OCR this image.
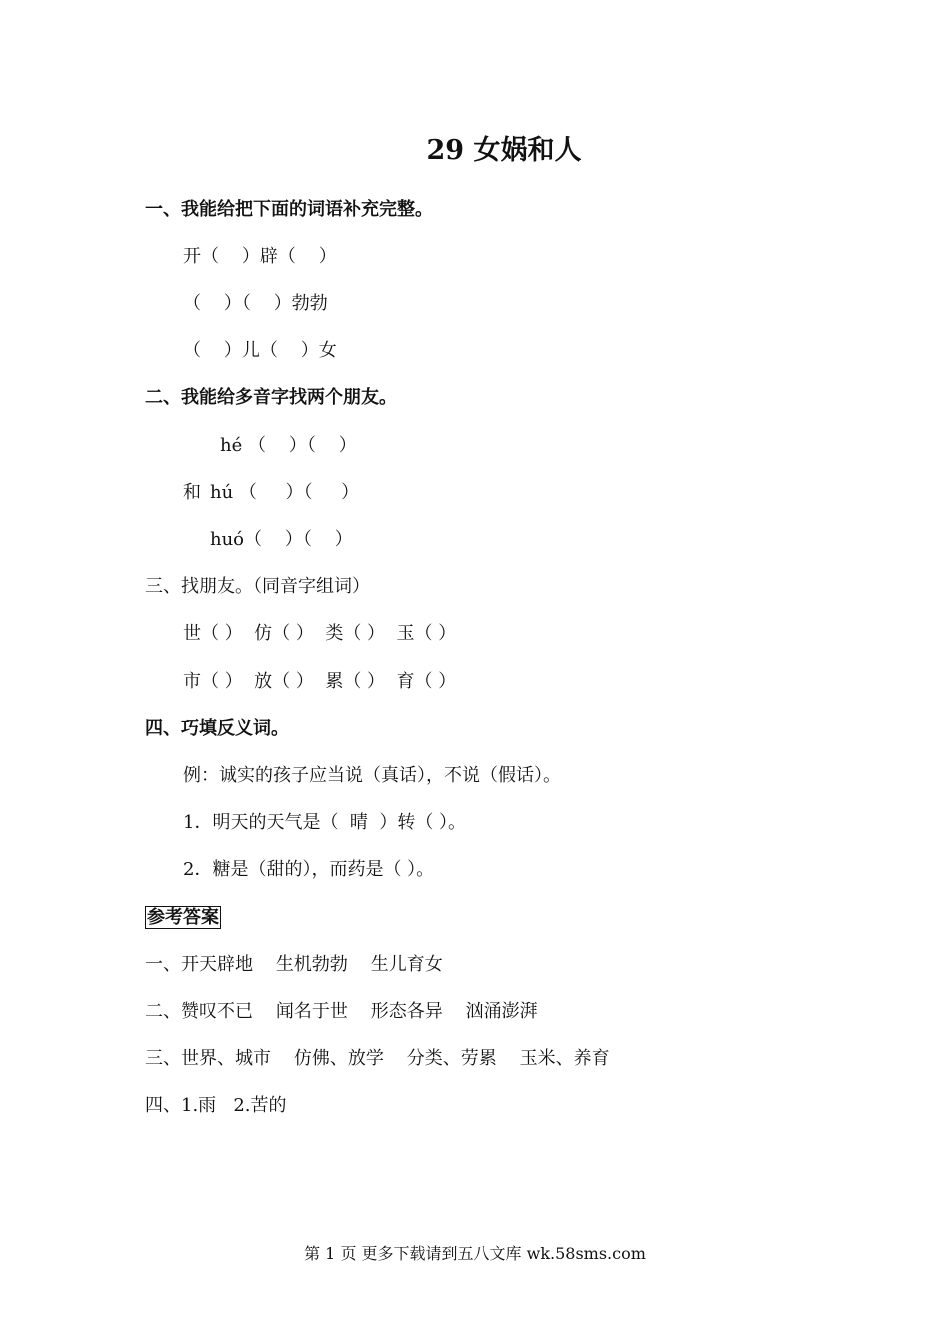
29 女娲和人
一、我能给把下面的词语补充完整。
开（    ）辟（    ）
（    ）（    ）勃勃
（    ）儿（    ）女
二、我能给多音字找两个朋友。
hé （    ）（    ）
和 hú （     ）（     ）
huó（    ）（    ）
三、找朋友。（同音字组词）
世（ ）  仿（ ）  类（ ）  玉（ ）
市（ ）  放（ ）  累（ ）  育（ ）
四、巧填反义词。
例：诚实的孩子应当说（真话），不说（假话）。
1．明天的天气是（  晴  ）转（ ）。
2．糖是（甜的），而药是（ ）。
参考答案
一、开天辟地    生机勃勃    生儿育女
二、赞叹不已    闻名于世    形态各异    汹涌澎湃
三、世界、城市    仿佛、放学    分类、劳累    玉米、养育
四、1.雨   2.苦的
第 1 页 更多下载请到五八文库 wk.58sms.com
